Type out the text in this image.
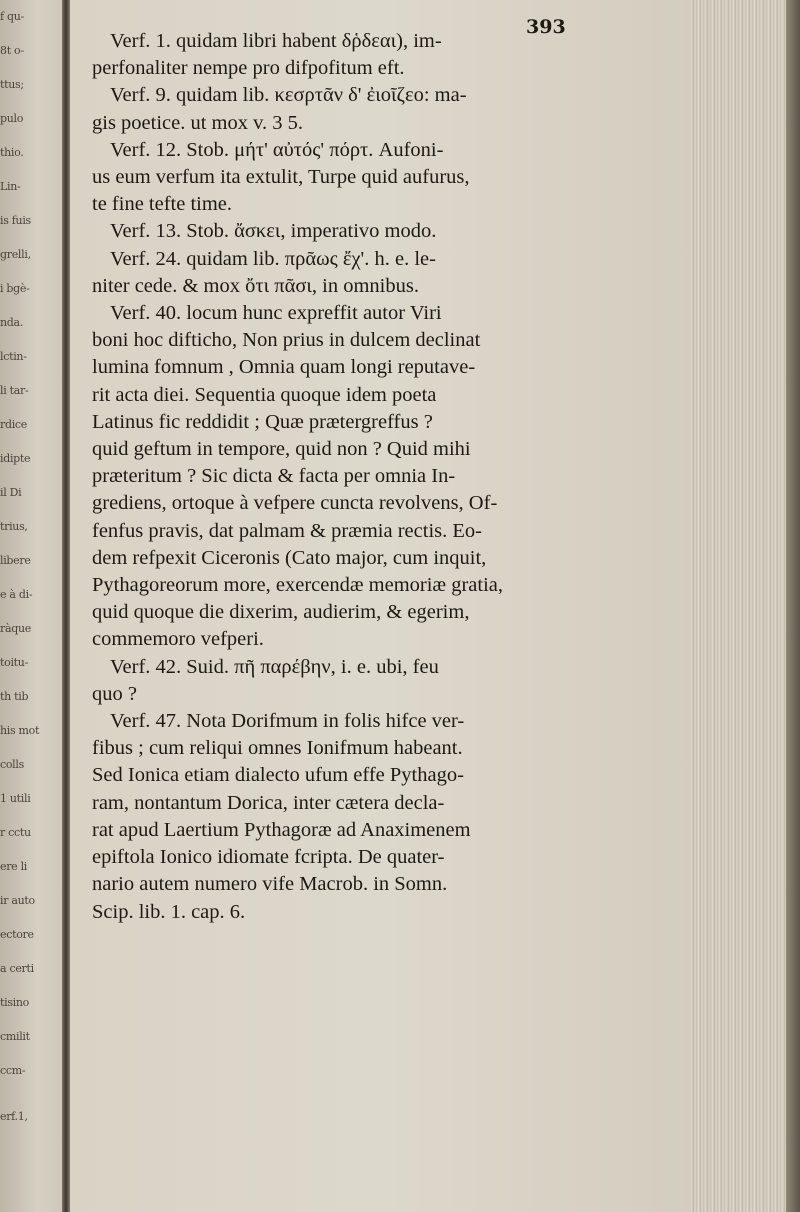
f qu-
8t o-
ttus;
pulo
thio.
Lin-
is fuis
grelli,
i bgè-
nda.
lctin-
li tar-
rdice
idipte
il Di
trius,
libere
e à di-
ràque
toitu-
th tib
his mot
colls
1 utili
r cctu
ere li
ir auto
ectore
a certi
tisino
cmilit
ccm-
erf.1,
393
Verf. 1. quidam libri habent δῥδεαι), im-
perfonaliter nempe pro difpofitum eft.
Verf. 9. quidam lib. κεσρτᾶν δ' ἐιοῖζεο: ma-
gis poetice. ut mox v. 3 5.
Verf. 12. Stob. μήτ' αὐτός' πόρτ. Aufoni-
us eum verfum ita extulit, Turpe quid aufurus,
te fine tefte time.
Verf. 13. Stob. ἄσκει, imperativo modo.
Verf. 24. quidam lib. πρᾶως ἔχ'. h. e. le-
niter cede. & mox ὄτι πᾶσι, in omnibus.
Verf. 40. locum hunc expreffit autor Viri
boni hoc difticho, Non prius in dulcem declinat
lumina fomnum , Omnia quam longi reputave-
rit acta diei. Sequentia quoque idem poeta
Latinus fic reddidit ; Quæ prætergreffus ?
quid geftum in tempore, quid non ? Quid mihi
præteritum ? Sic dicta & facta per omnia In-
grediens, ortoque à vefpere cuncta revolvens, Of-
fenfus pravis, dat palmam & præmia rectis. Eo-
dem refpexit Ciceronis (Cato major, cum inquit,
Pythagoreorum more, exercendæ memoriæ gratia,
quid quoque die dixerim, audierim, & egerim,
commemoro vefperi.
Verf. 42. Suid. πῆ παρέβην, i. e. ubi, feu
quo ?
Verf. 47. Nota Dorifmum in folis hifce ver-
fibus ; cum reliqui omnes Ionifmum habeant.
Sed Ionica etiam dialecto ufum effe Pythago-
ram, nontantum Dorica, inter cætera decla-
rat apud Laertium Pythagoræ ad Anaximenem
epiftola Ionico idiomate fcripta. De quater-
nario autem numero vife Macrob. in Somn.
Scip. lib. 1. cap. 6.
